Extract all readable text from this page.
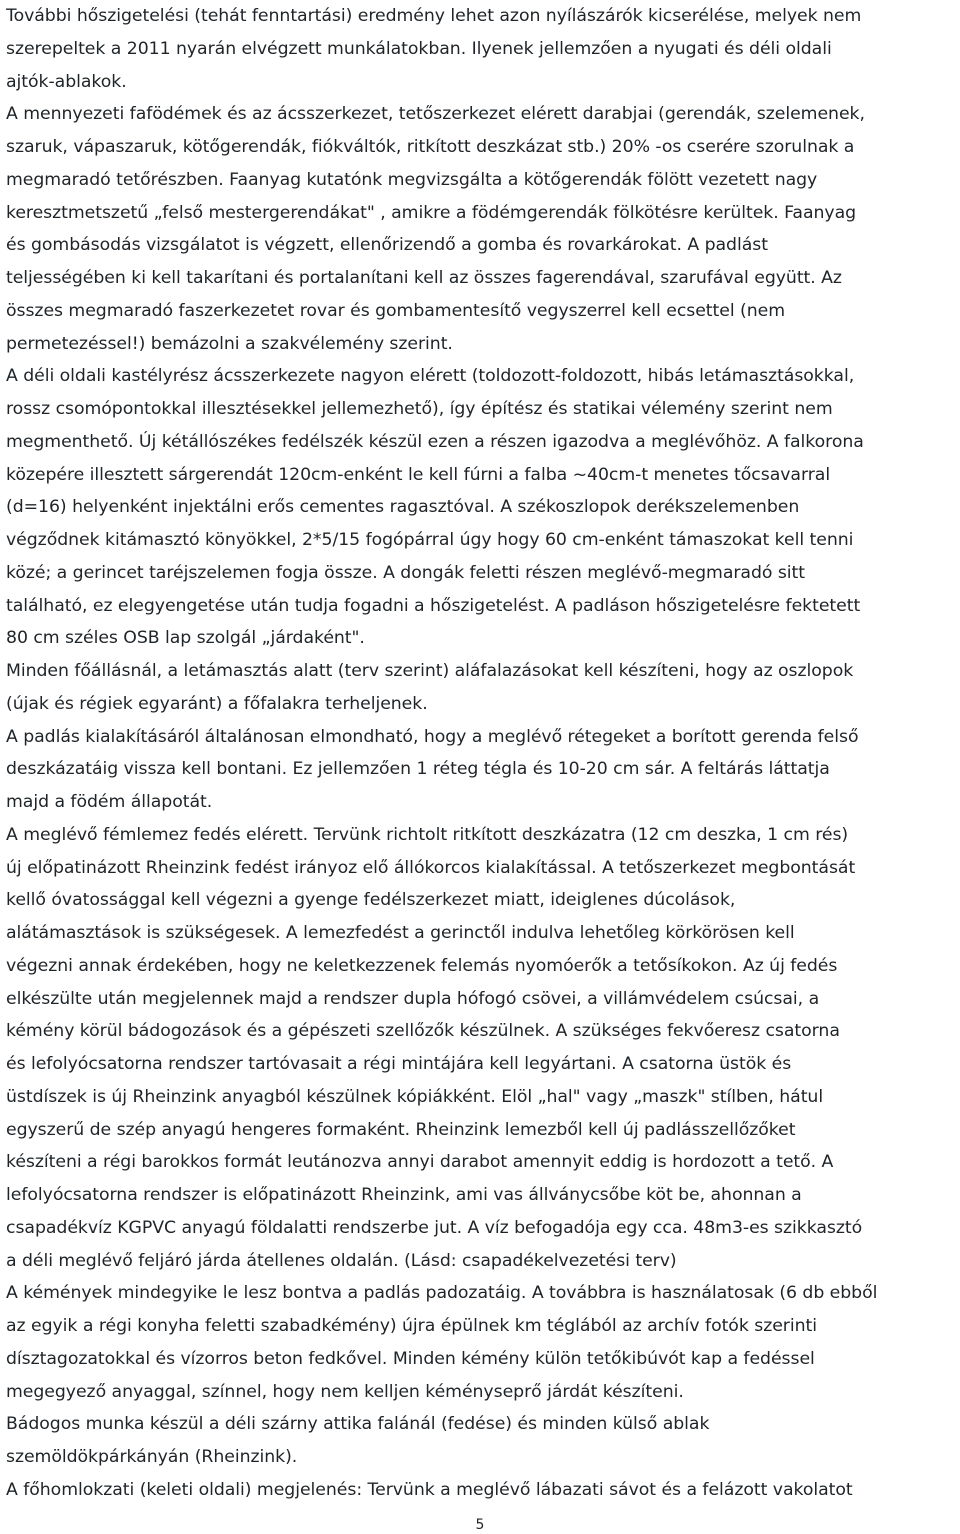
További hőszigetelési (tehát fenntartási) eredmény lehet azon nyílászárók kicserélése, melyek nem
szerepeltek a 2011 nyarán elvégzett munkálatokban. Ilyenek jellemzően a nyugati és déli oldali
ajtók-ablakok.
A mennyezeti fafödémek és az ácsszerkezet, tetőszerkezet elérett darabjai (gerendák, szelemenek,
szaruk, vápaszaruk, kötőgerendák, fiókváltók, ritkított deszkázat stb.) 20% -os cserére szorulnak a
megmaradó tetőrészben. Faanyag kutatónk megvizsgálta a kötőgerendák fölött vezetett nagy
keresztmetszetű „felső mestergerendákat" , amikre a födémgerendák fölkötésre kerültek. Faanyag
és gombásodás vizsgálatot is végzett, ellenőrizendő a gomba és rovarkárokat. A padlást
teljességében ki kell takarítani és portalanítani kell az összes fagerendával, szarufával együtt. Az
összes megmaradó faszerkezetet rovar és gombamentesítő vegyszerrel kell ecsettel (nem
permetezéssel!) bemázolni a szakvélemény szerint.
A déli oldali kastélyrész ácsszerkezete nagyon elérett (toldozott-foldozott, hibás letámasztásokkal,
rossz csomópontokkal illesztésekkel jellemezhető), így építész és statikai vélemény szerint nem
megmenthető. Új kétállószékes fedélszék készül ezen a részen igazodva a meglévőhöz. A falkorona
közepére illesztett sárgerendát 120cm-enként le kell fúrni a falba ~40cm-t menetes tőcsavarral
(d=16) helyenként injektálni erős cementes ragasztóval. A székoszlopok derékszelemenben
végződnek kitámasztó könyökkel, 2*5/15 fogópárral úgy hogy 60 cm-enként támaszokat kell tenni
közé; a gerincet taréjszelemen fogja össze. A dongák feletti részen meglévő-megmaradó sitt
található, ez elegyengetése után tudja fogadni a hőszigetelést. A padláson hőszigetelésre fektetett
80 cm széles OSB lap szolgál „járdaként".
Minden főállásnál, a letámasztás alatt (terv szerint) aláfalazásokat kell készíteni, hogy az oszlopok
(újak és régiek egyaránt) a főfalakra terheljenek.
A padlás kialakításáról általánosan elmondható, hogy a meglévő rétegeket a borított gerenda felső
deszkázatáig vissza kell bontani. Ez jellemzően 1 réteg tégla és 10-20 cm sár. A feltárás láttatja
majd a födém állapotát.
A meglévő fémlemez fedés elérett. Tervünk richtolt ritkított deszkázatra (12 cm deszka, 1 cm rés)
új előpatinázott Rheinzink fedést irányoz elő állókorcos kialakítással. A tetőszerkezet megbontását
kellő óvatossággal kell végezni a gyenge fedélszerkezet miatt, ideiglenes dúcolások,
alátámasztások is szükségesek. A lemezfedést a gerinctől indulva lehetőleg körkörösen kell
végezni annak érdekében, hogy ne keletkezzenek felemás nyomóerők a tetősíkokon. Az új fedés
elkészülte után megjelennek majd a rendszer dupla hófogó csövei, a villámvédelem csúcsai, a
kémény körül bádogozások és a gépészeti szellőzők készülnek. A szükséges fekvőeresz csatorna
és lefolyócsatorna rendszer tartóvasait a régi mintájára kell legyártani. A csatorna üstök és
üstdíszek is új Rheinzink anyagból készülnek kópiákként. Elöl „hal" vagy „maszk" stílben, hátul
egyszerű de szép anyagú hengeres formaként. Rheinzink lemezből kell új padlásszellőzőket
készíteni a régi barokkos formát leutánozva annyi darabot amennyit eddig is hordozott a tető. A
lefolyócsatorna rendszer is előpatinázott Rheinzink, ami vas állványcsőbe köt be, ahonnan a
csapadékvíz KGPVC anyagú földalatti rendszerbe jut. A víz befogadója egy cca. 48m3-es szikkasztó
a déli meglévő feljáró járda átellenes oldalán. (Lásd: csapadékelvezetési terv)
A kémények mindegyike le lesz bontva a padlás padozatáig. A továbbra is használatosak (6 db ebből
az egyik a régi konyha feletti szabadkémény) újra épülnek km téglából az archív fotók szerinti
dísztagozatokkal és vízorros beton fedkővel. Minden kémény külön tetőkibúvót kap a fedéssel
megegyező anyaggal, színnel, hogy nem kelljen kéményseprő járdát készíteni.
Bádogos munka készül a déli szárny attika falánál (fedése) és minden külső ablak
szemöldökpárkányán (Rheinzink).
A főhomlokzati (keleti oldali) megjelenés: Tervünk a meglévő lábazati sávot és a felázott vakolatot
5
